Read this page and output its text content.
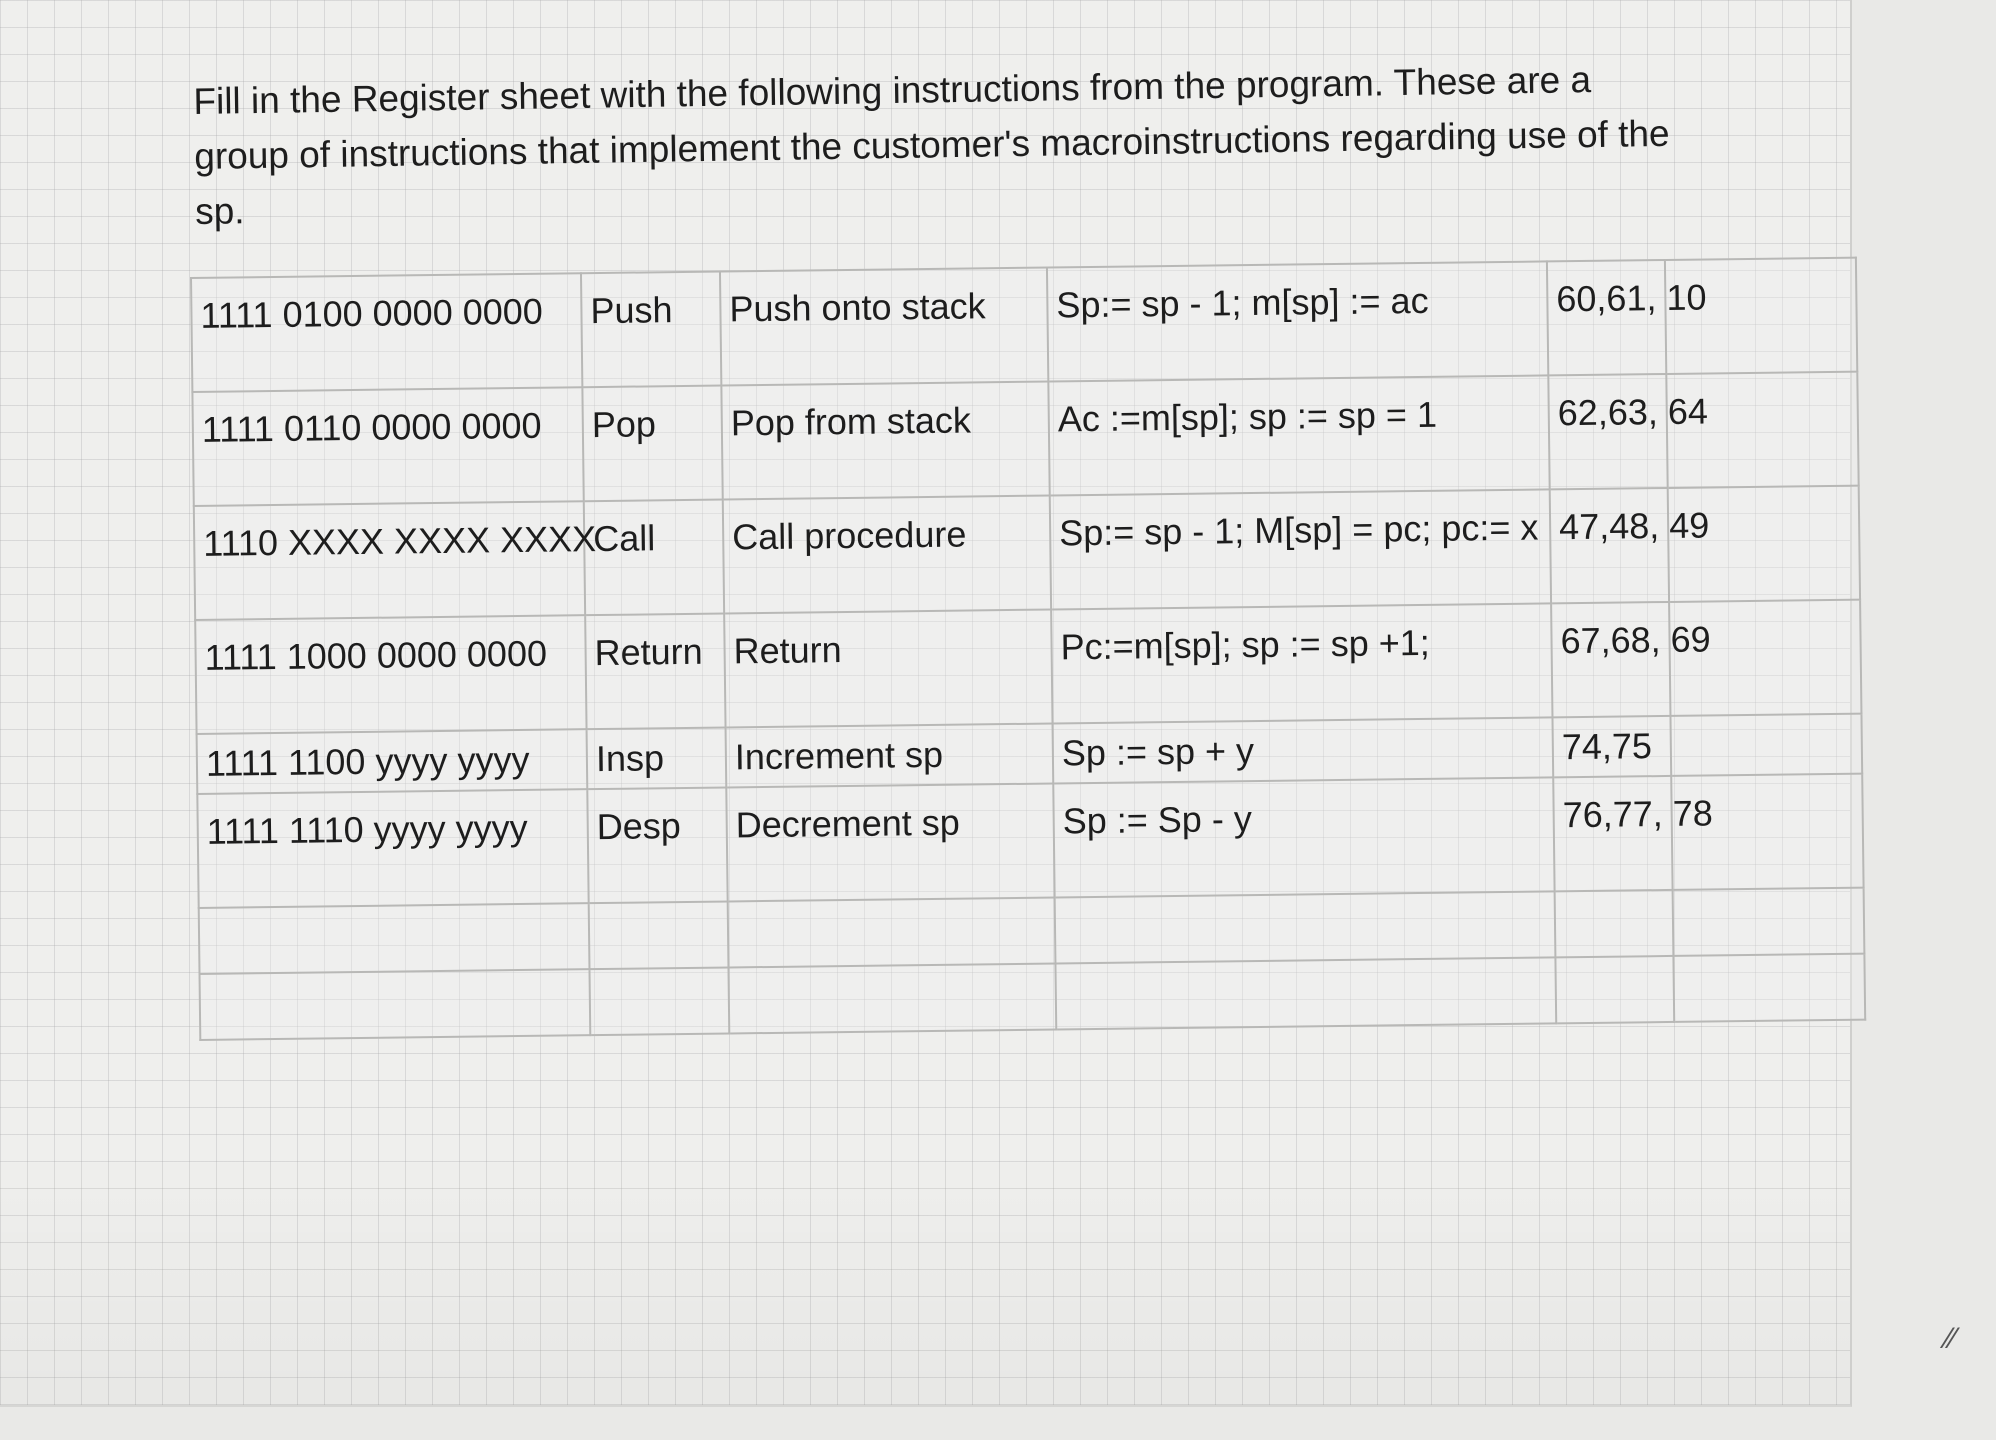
Fill in the Register sheet with the following instructions from the program. These are a group of instructions that implement the customer's macroinstructions regarding use of the sp.

1111 0100 0000 0000	Push	Push onto stack	Sp:= sp - 1; m[sp] := ac	60,61, 10	
1111 0110 0000 0000	Pop	Pop from stack	Ac :=m[sp]; sp := sp = 1	62,63, 64	
1110 XXXX XXXX XXXX	Call	Call procedure	Sp:= sp - 1; M[sp] = pc; pc:= x	47,48, 49	
1111 1000 0000 0000	Return	Return	Pc:=m[sp]; sp := sp +1;	67,68, 69	
1111 1100 yyyy yyyy	Insp	Increment sp	Sp := sp + y	74,75	
1111 1110 yyyy yyyy	Desp	Decrement sp	Sp := Sp - y	76,77, 78	

⁄⁄
